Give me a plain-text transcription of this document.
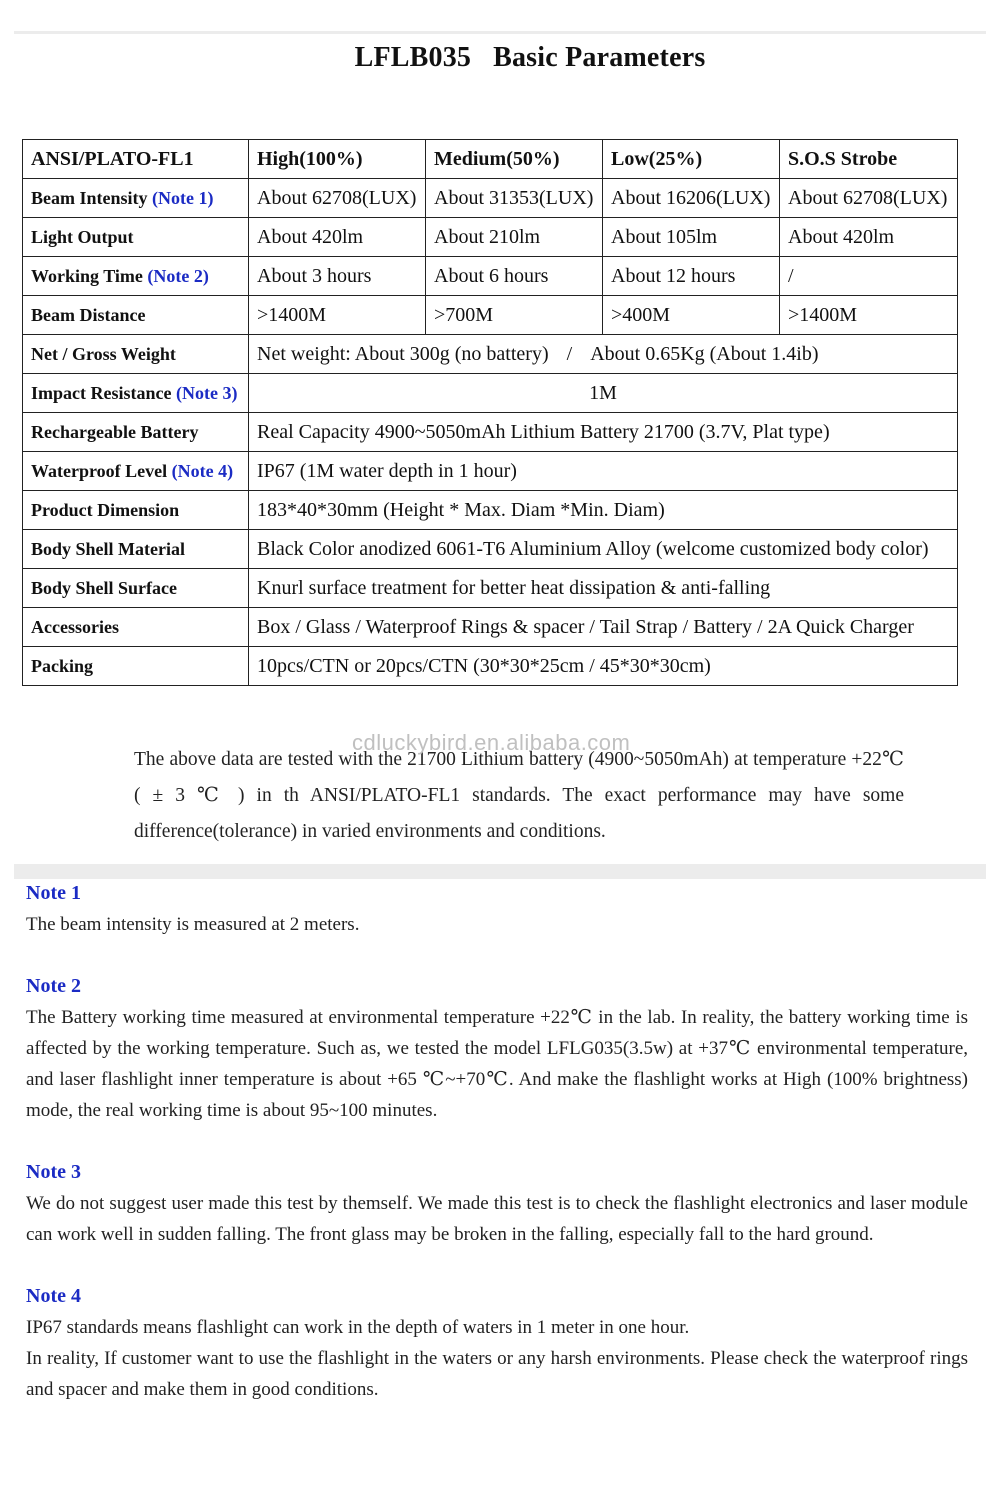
LFLB035 Basic Parameters
ANSI/PLATO-FL1	High(100%)	Medium(50%)	Low(25%)	S.O.S Strobe
Beam Intensity (Note 1)	About 62708(LUX)	About 31353(LUX)	About 16206(LUX)	About 62708(LUX)
Light Output	About 420lm	About 210lm	About 105lm	About 420lm
Working Time (Note 2)	About 3 hours	About 6 hours	About 12 hours	/
Beam Distance	>1400M	>700M	>400M	>1400M
Net / Gross Weight	Net weight: About 300g (no battery) / About 0.65Kg (About 1.4ib)			
Impact Resistance (Note 3)	1M			
Rechargeable Battery	Real Capacity 4900~5050mAh Lithium Battery 21700 (3.7V, Plat type)			
Waterproof Level (Note 4)	IP67 (1M water depth in 1 hour)			
Product Dimension	183*40*30mm (Height * Max. Diam *Min. Diam)			
Body Shell Material	Black Color anodized 6061-T6 Aluminium Alloy (welcome customized body color)			
Body Shell Surface	Knurl surface treatment for better heat dissipation & anti-falling			
Accessories	Box / Glass / Waterproof Rings & spacer / Tail Strap / Battery / 2A Quick Charger			
Packing	10pcs/CTN or 20pcs/CTN (30*30*25cm / 45*30*30cm)			
The above data are tested with the 21700 Lithium battery (4900~5050mAh) at temperature +22℃ ( ± 3 ℃ ) in th ANSI/PLATO-FL1 standards. The exact performance may have some difference(tolerance) in varied environments and conditions.
cdluckybird.en.alibaba.com
Note 1
The beam intensity is measured at 2 meters.
Note 2
The Battery working time measured at environmental temperature +22℃ in the lab. In reality, the battery working time is affected by the working temperature. Such as, we tested the model LFLG035(3.5w) at +37℃ environmental temperature, and laser flashlight inner temperature is about +65 ℃~+70℃. And make the flashlight works at High (100% brightness) mode, the real working time is about 95~100 minutes.
Note 3
We do not suggest user made this test by themself. We made this test is to check the flashlight electronics and laser module can work well in sudden falling. The front glass may be broken in the falling, especially fall to the hard ground.
Note 4
IP67 standards means flashlight can work in the depth of waters in 1 meter in one hour.
In reality, If customer want to use the flashlight in the waters or any harsh environments. Please check the waterproof rings and spacer and make them in good conditions.
